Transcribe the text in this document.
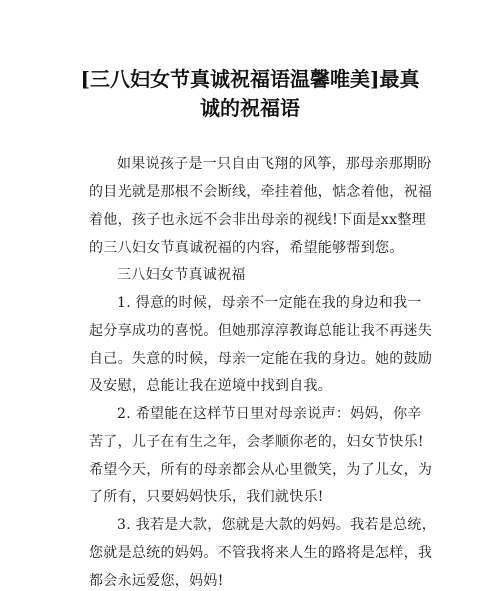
[三八妇女节真诚祝福语温馨唯美]最真
诚的祝福语
如果说孩子是一只自由飞翔的风筝，那母亲那期盼
的目光就是那根不会断线，牵挂着他，惦念着他，祝福
着他，孩子也永远不会非出母亲的视线!下面是xx整理
的三八妇女节真诚祝福的内容，希望能够帮到您。
三八妇女节真诚祝福
1. 得意的时候，母亲不一定能在我的身边和我一
起分享成功的喜悦。但她那淳淳教诲总能让我不再迷失
自己。失意的时候，母亲一定能在我的身边。她的鼓励
及安慰，总能让我在逆境中找到自我。
2. 希望能在这样节日里对母亲说声：妈妈，你辛
苦了，儿子在有生之年，会孝顺你老的，妇女节快乐!
希望今天，所有的母亲都会从心里微笑，为了儿女，为
了所有，只要妈妈快乐，我们就快乐!
3. 我若是大款，您就是大款的妈妈。我若是总统，
您就是总统的妈妈。不管我将来人生的路将是怎样，我
都会永远爱您，妈妈!
